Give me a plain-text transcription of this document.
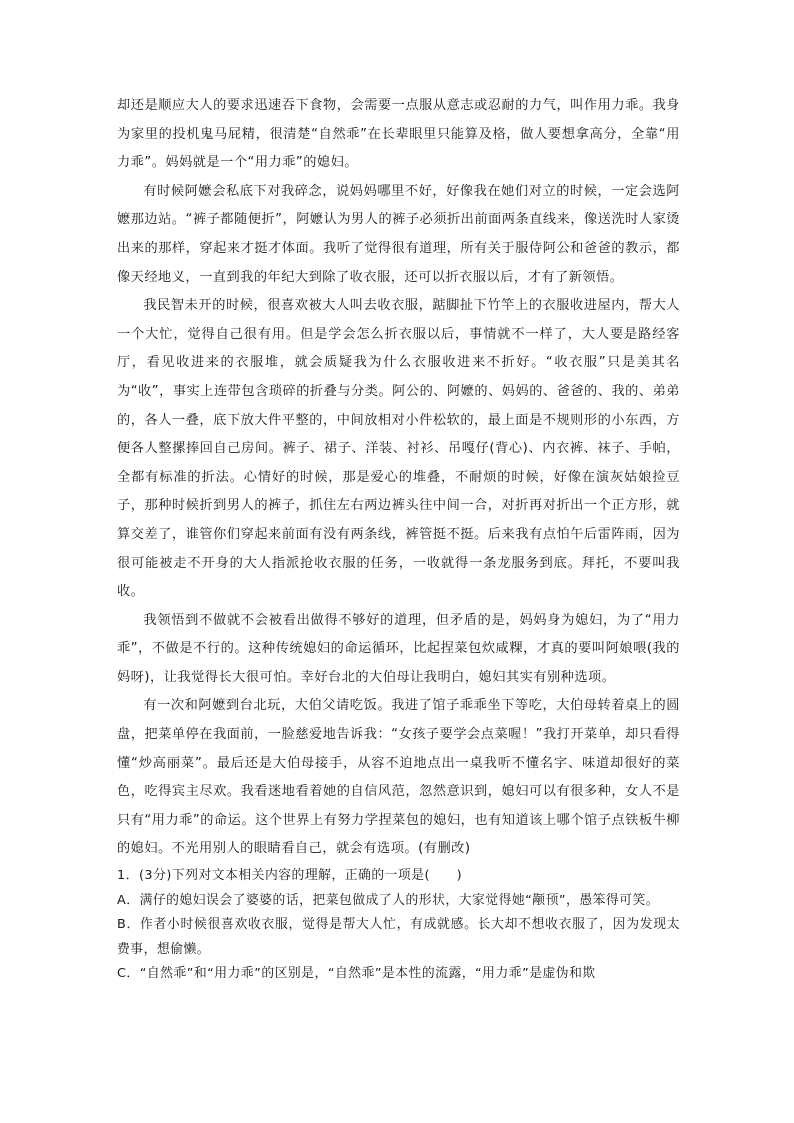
却还是顺应大人的要求迅速吞下食物，会需要一点服从意志或忍耐的力气，叫作用力乖。我身为家里的投机鬼马屁精，很清楚“自然乖”在长辈眼里只能算及格，做人要想拿高分，全靠“用力乖”。妈妈就是一个“用力乖”的媳妇。

有时候阿嬷会私底下对我碎念，说妈妈哪里不好，好像我在她们对立的时候，一定会选阿嬷那边站。“裤子都随便折”，阿嬷认为男人的裤子必须折出前面两条直线来，像送洗时人家烫出来的那样，穿起来才挺才体面。我听了觉得很有道理，所有关于服侍阿公和爸爸的教示，都像天经地义，一直到我的年纪大到除了收衣服，还可以折衣服以后，才有了新领悟。

我民智未开的时候，很喜欢被大人叫去收衣服，踮脚扯下竹竿上的衣服收进屋内，帮大人一个大忙，觉得自己很有用。但是学会怎么折衣服以后，事情就不一样了，大人要是路经客厅，看见收进来的衣服堆，就会质疑我为什么衣服收进来不折好。“收衣服”只是美其名为“收”，事实上连带包含琐碎的折叠与分类。阿公的、阿嬷的、妈妈的、爸爸的、我的、弟弟的，各人一叠，底下放大件平整的，中间放相对小件松软的，最上面是不规则形的小东西，方便各人整摞捧回自己房间。裤子、裙子、洋装、衬衫、吊嘎仔(背心)、内衣裤、袜子、手帕，全都有标准的折法。心情好的时候，那是爱心的堆叠，不耐烦的时候，好像在演灰姑娘捡豆子，那种时候折到男人的裤子，抓住左右两边裤头往中间一合，对折再对折出一个正方形，就算交差了，谁管你们穿起来前面有没有两条线，裤管挺不挺。后来我有点怕午后雷阵雨，因为很可能被走不开身的大人指派抢收衣服的任务，一收就得一条龙服务到底。拜托，不要叫我收。

我领悟到不做就不会被看出做得不够好的道理，但矛盾的是，妈妈身为媳妇，为了“用力乖”，不做是不行的。这种传统媳妇的命运循环，比起捏菜包炊咸粿，才真的要叫阿娘喂(我的妈呀)，让我觉得长大很可怕。幸好台北的大伯母让我明白，媳妇其实有别种选项。

有一次和阿嬷到台北玩，大伯父请吃饭。我进了馆子乖乖坐下等吃，大伯母转着桌上的圆盘，把菜单停在我面前，一脸慈爱地告诉我：“女孩子要学会点菜喔！”我打开菜单，却只看得懂“炒高丽菜”。最后还是大伯母接手，从容不迫地点出一桌我听不懂名字、味道却很好的菜色，吃得宾主尽欢。我看迷地看着她的自信风范，忽然意识到，媳妇可以有很多种，女人不是只有“用力乖”的命运。这个世界上有努力学捏菜包的媳妇，也有知道该上哪个馆子点铁板牛柳的媳妇。不光用别人的眼睛看自己，就会有选项。(有删改)

1．(3分)下列对文本相关内容的理解，正确的一项是(　　)

A．满仔的媳妇误会了婆婆的话，把菜包做成了人的形状，大家觉得她“颟顸”，愚笨得可笑。

B．作者小时候很喜欢收衣服，觉得是帮大人忙，有成就感。长大却不想收衣服了，因为发现太费事，想偷懒。

C．“自然乖”和“用力乖”的区别是，“自然乖”是本性的流露，“用力乖”是虚伪和欺
